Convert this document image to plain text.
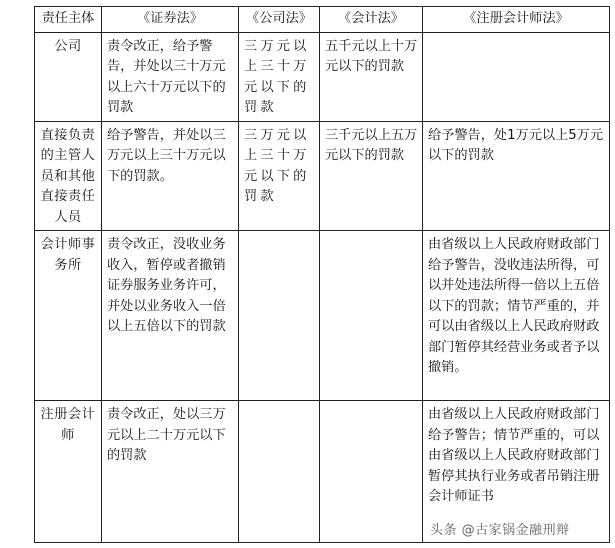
责任主体	《证券法》	《公司法》	《会计法》	《注册会计师法》
公司	责令改正，给予警告，并处以三十万元以上六十万元以下的罚款	三万元以上三十万元以下的罚款	五千元以上十万元以下的罚款	
直接负责的主管人员和其他直接责任人员	给予警告，并处以三万元以上三十万元以下的罚款。	三万元以上三十万元以下的罚款	三千元以上五万元以下的罚款	给予警告，处1万元以上5万元以下的罚款
会计师事务所	责令改正，没收业务收入，暂停或者撤销证券服务业务许可，并处以业务收入一倍以上五倍以下的罚款			由省级以上人民政府财政部门给予警告，没收违法所得，可以并处违法所得一倍以上五倍以下的罚款；情节严重的，并可以由省级以上人民政府财政部门暂停其经营业务或者予以撤销。
注册会计师	责令改正，处以三万元以上二十万元以下的罚款			由省级以上人民政府财政部门给予警告；情节严重的，可以由省级以上人民政府财政部门暂停其执行业务或者吊销注册会计师证书
头条 @古家锅金融刑辩
